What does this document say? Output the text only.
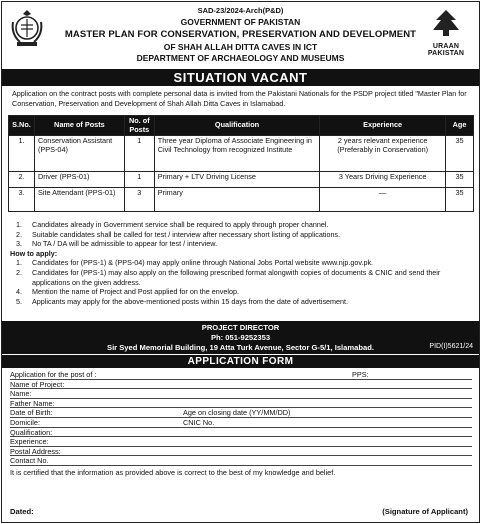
SAD-23/2024-Arch(P&D)
GOVERNMENT OF PAKISTAN
MASTER PLAN FOR CONSERVATION, PRESERVATION AND DEVELOPMENT
OF SHAH ALLAH DITTA CAVES IN ICT
DEPARTMENT OF ARCHAEOLOGY AND MUSEUMS
URAAN PAKISTAN
SITUATION VACANT
Application on the contract posts with complete personal data is invited from the Pakistani Nationals for the PSDP project titled "Master Plan for Conservation, Preservation and Development of Shah Allah Ditta Caves in Islamabad.
S.No.	Name of Posts	No. of Posts	Qualification	Experience	Age
1.	Conservation Assistant (PPS-04)	1	Three year Diploma of Associate Engineering in Civil Technology from recognized Institute	2 years relevant experience (Preferably in Conservation)	35
2.	Driver (PPS-01)	1	Primary + LTV Driving License	3 Years Driving Experience	35
3.	Site Attendant (PPS-01)	3	Primary	—	35
1.	Candidates already in Government service shall be required to apply through proper channel.
2.	Suitable candidates shall be called for test / interview after necessary short listing of applications.
3.	No TA / DA will be admissible to appear for test / interview.
How to apply:
1.	Candidates for (PPS-1) & (PPS-04) may apply online through National Jobs Portal website www.njp.gov.pk.
2.	Candidates for (PPS-1) may also apply on the following prescribed format alongwith copies of documents & CNIC and send their applications on the given address.
4.	Mention the name of Project and Post applied for on the envelop.
5.	Applicants may apply for the above-mentioned posts within 15 days from the date of advertisement.
PROJECT DIRECTOR
Ph: 051-9252353
Sir Syed Memorial Building, 19 Atta Turk Avenue, Sector G-5/1, Islamabad.	PID(I)5621/24
APPLICATION FORM
Application for the post of :	PPS:
Name of Project:
Name:
Father Name:
Date of Birth:	Age on closing date (YY/MM/DD)
Domicile:	CNIC No.
Qualification:
Experience:
Postal Address:
Contact No.
It is certified that the information as provided above is correct to the best of my knowledge and belief.
Dated:	(Signature of Applicant)
